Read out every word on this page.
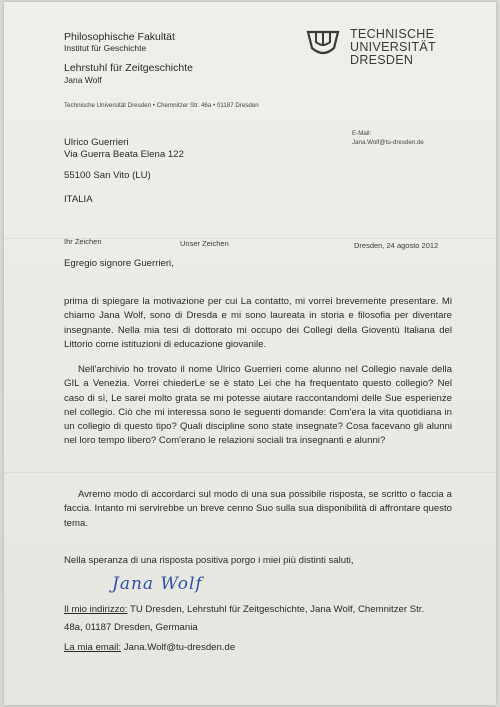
Philosophische Fakultät
Institut für Geschichte
Lehrstuhl für Zeitgeschichte
Jana Wolf
Technische Universität Dresden • Chemnitzer Str. 46a • 01187 Dresden
TECHNISCHE
UNIVERSITÄT
DRESDEN
E-Mail:
Jana.Wolf@tu-dresden.de
Ulrico Guerrieri
Via Guerra Beata Elena 122
55100 San Vito (LU)
ITALIA
Ihr Zeichen	Unser Zeichen	Dresden, 24 agosto 2012
Egregio signore Guerrieri,
prima di spiegare la motivazione per cui La contatto, mi vorrei brevemente presentare. Mi chiamo Jana Wolf, sono di Dresda e mi sono laureata in storia e filosofia per diventare insegnante. Nella mia tesi di dottorato mi occupo dei Collegi della Gioventù Italiana del Littorio come istituzioni di educazione giovanile.
Nell'archivio ho trovato il nome Ulrico Guerrieri come alunno nel Collegio navale della GIL a Venezia. Vorrei chiederLe se è stato Lei che ha frequentato questo collegio? Nel caso di sì, Le sarei molto grata se mi potesse aiutare raccontandomi delle Sue esperienze nel collegio. Ciò che mi interessa sono le seguenti domande: Com'era la vita quotidiana in un collegio di questo tipo? Quali discipline sono state insegnate? Cosa facevano gli alunni nel loro tempo libero? Com'erano le relazioni sociali tra insegnanti e alunni?
Avremo modo di accordarci sul modo di una sua possibile risposta, se scritto o faccia a faccia. Intanto mi servirebbe un breve cenno Suo sulla sua disponibilità di affrontare questo tema.
Nella speranza di una risposta positiva porgo i miei più distinti saluti,
Jana Wolf
Il mio indirizzo: TU Dresden, Lehrstuhl für Zeitgeschichte, Jana Wolf, Chemnitzer Str.
48a, 01187 Dresden, Germania
La mia email: Jana.Wolf@tu-dresden.de
